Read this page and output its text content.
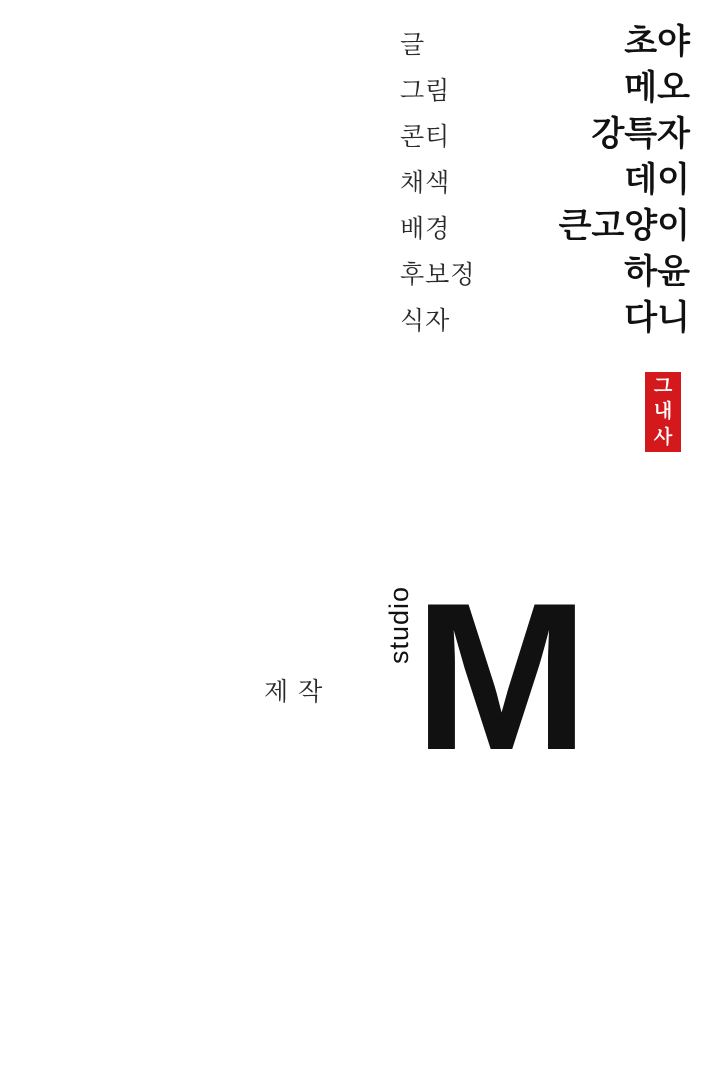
글	초야
그림	메오
콘티	강특자
채색	데이
배경	큰고양이
후보정	하윤
식자	다니
그
내
사
제작 M
studio
